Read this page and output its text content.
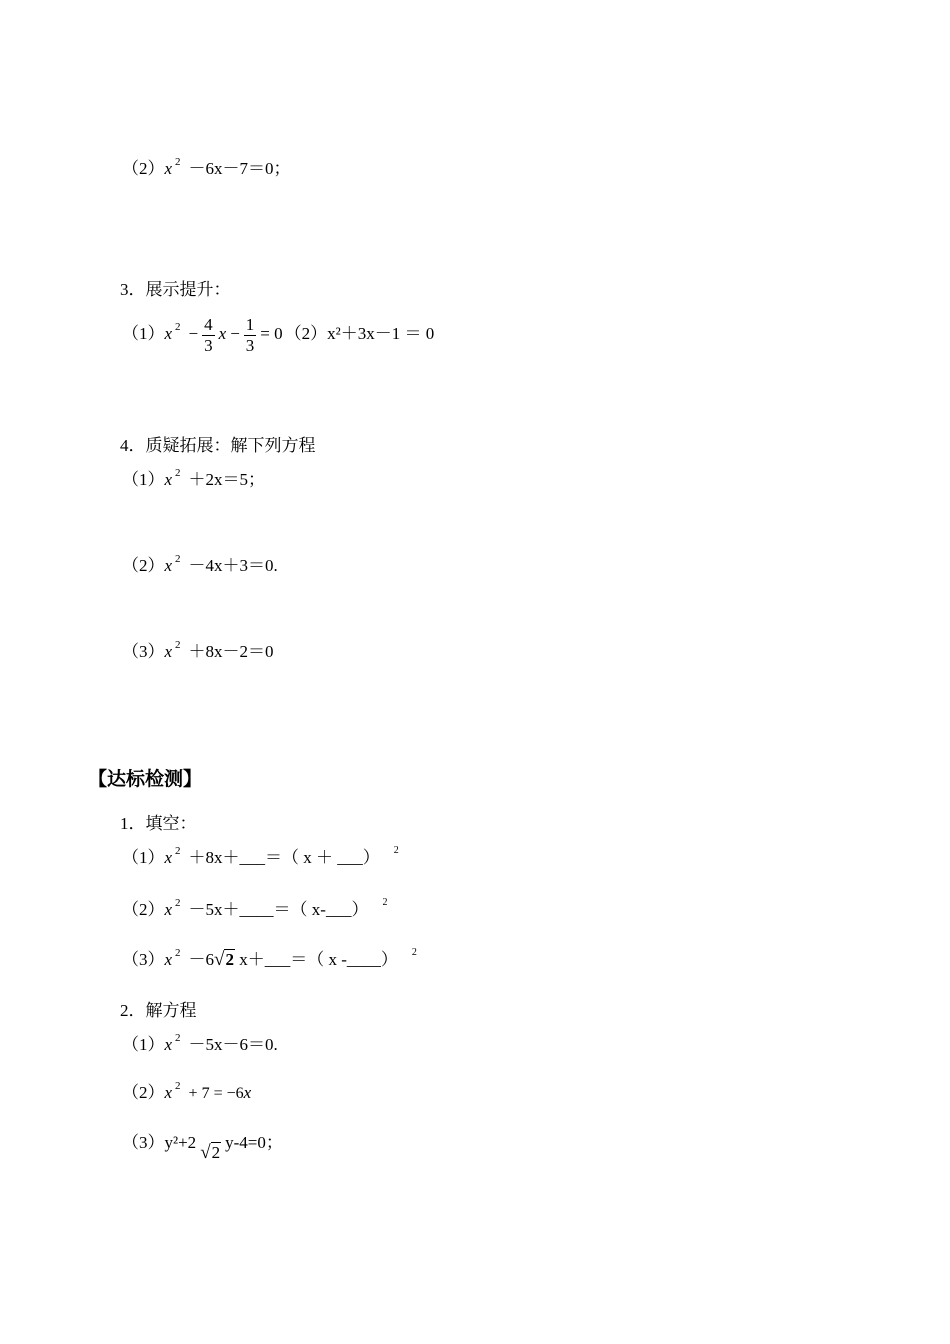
（2）x $^2$ －6x－7＝0；
3．展示提升：
（1）x $^2 - \frac{4}{3}$ $x - \frac{1}{3} = 0$ （2）x²＋3x－1 ＝ 0
4．质疑拓展：解下列方程
（1）x $^2$ ＋2x＝5；
（2）x $^2$ －4x＋3＝0.
（3）x $^2$ ＋8x－2＝0
【达标检测】
1．填空：
（1）x $^2$ ＋8x＋___＝（ x ＋ ___） $^2$
（2）x $^2$ －5x＋____＝（ x-___） $^2$
（3）x $^2$ －6√2 x＋___＝（ x -____） $^2$
2．解方程
（1）x $^2$ －5x－6＝0.
（2）x $^2$ + 7 = −6x
（3）y²+2 √2y-4=0；
